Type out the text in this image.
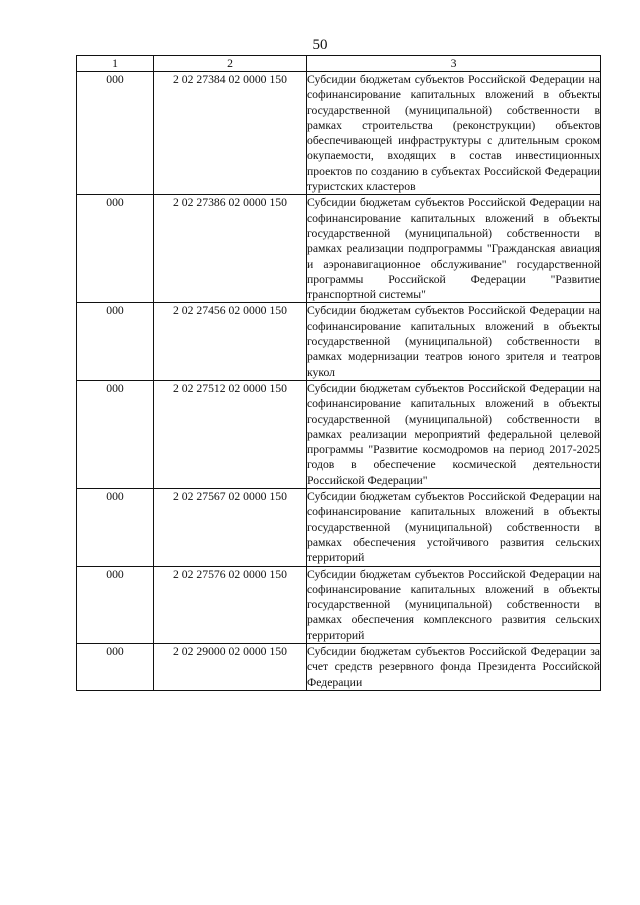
50
1	2	3
000	2 02 27384 02 0000 150	Субсидии бюджетам субъектов Российской Федерации на софинансирование капитальных вложений в объекты государственной (муниципальной) собственности в рамках строительства (реконструкции) объектов обеспечивающей инфраструктуры с длительным сроком окупаемости, входящих в состав инвестиционных проектов по созданию в субъектах Российской Федерации туристских кластеров
000	2 02 27386 02 0000 150	Субсидии бюджетам субъектов Российской Федерации на софинансирование капитальных вложений в объекты государственной (муниципальной) собственности в рамках реализации подпрограммы "Гражданская авиация и аэронавигационное обслуживание" государственной программы Российской Федерации "Развитие транспортной системы"
000	2 02 27456 02 0000 150	Субсидии бюджетам субъектов Российской Федерации на софинансирование капитальных вложений в объекты государственной (муниципальной) собственности в рамках модернизации театров юного зрителя и театров кукол
000	2 02 27512 02 0000 150	Субсидии бюджетам субъектов Российской Федерации на софинансирование капитальных вложений в объекты государственной (муниципальной) собственности в рамках реализации мероприятий федеральной целевой программы "Развитие космодромов на период 2017-2025 годов в обеспечение космической деятельности Российской Федерации"
000	2 02 27567 02 0000 150	Субсидии бюджетам субъектов Российской Федерации на софинансирование капитальных вложений в объекты государственной (муниципальной) собственности в рамках обеспечения устойчивого развития сельских территорий
000	2 02 27576 02 0000 150	Субсидии бюджетам субъектов Российской Федерации на софинансирование капитальных вложений в объекты государственной (муниципальной) собственности в рамках обеспечения комплексного развития сельских территорий
000	2 02 29000 02 0000 150	Субсидии бюджетам субъектов Российской Федерации за счет средств резервного фонда Президента Российской Федерации
